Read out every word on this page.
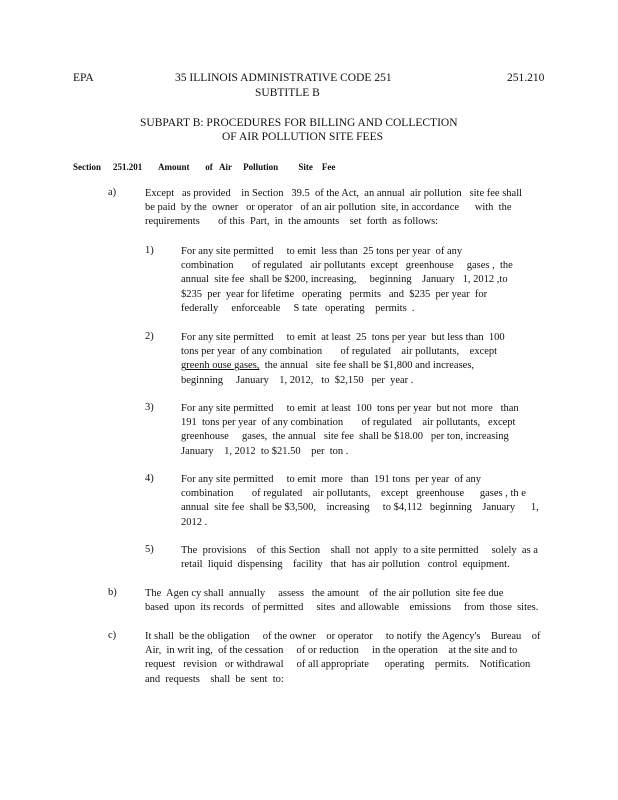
EPA	35 ILLINOIS ADMINISTRATIVE CODE 251
SUBTITLE B
251.210
SUBPART B: PROCEDURES FOR BILLING AND COLLECTION
OF AIR POLLUTION SITE FEES
Section 251.201 Amount       of   Air     Pollution         Site    Fee
a)	Except   as provided    in Section   39.5  of the Act,  an annual  air pollution   site fee shall
be paid  by the  owner   or operator   of an air pollution  site, in accordance      with  the
requirements       of this  Part,  in  the amounts    set  forth  as follows:
1)	For any site permitted     to emit  less than  25 tons per year  of any
combination       of regulated   air pollutants  except   greenhouse     gases ,  the
annual  site fee  shall be $200, increasing,     beginning    January   1, 2012 ,to
$235  per  year for lifetime   operating   permits   and  $235  per year  for
federally     enforceable     S tate   operating    permits  .
2)	For any site permitted     to emit  at least  25  tons per year  but less than  100
tons per year  of any combination       of regulated    air pollutants,    except
greenh ouse gases,  the annual   site fee shall be $1,800 and increases,
beginning     January    1, 2012,   to  $2,150   per  year .
3)	For any site permitted     to emit  at least  100  tons per year  but not  more   than
191  tons per year  of any combination       of regulated    air pollutants,   except
greenhouse     gases,  the annual   site fee  shall be $18.00   per ton, increasing
January    1, 2012  to $21.50    per  ton .
4)	For any site permitted     to emit  more   than  191 tons  per year  of any
combination       of regulated    air pollutants,    except   greenhouse      gases , th e
annual  site fee  shall be $3,500,    increasing     to $4,112   beginning    January      1,
2012 .
5)	The  provisions    of  this Section    shall  not  apply  to a site permitted     solely  as a
retail  liquid  dispensing    facility   that  has air pollution   control  equipment.
b)	The  Agen cy shall  annually     assess   the amount    of  the air pollution  site fee due
based  upon  its records   of permitted     sites  and allowable    emissions     from  those  sites.
c)	It shall  be the obligation     of the owner    or operator     to notify  the Agency's    Bureau    of
Air,  in writ ing,  of the cessation     of or reduction     in the operation    at the site and to
request   revision   or withdrawal     of all appropriate      operating    permits.    Notification
and  requests    shall  be  sent  to:
